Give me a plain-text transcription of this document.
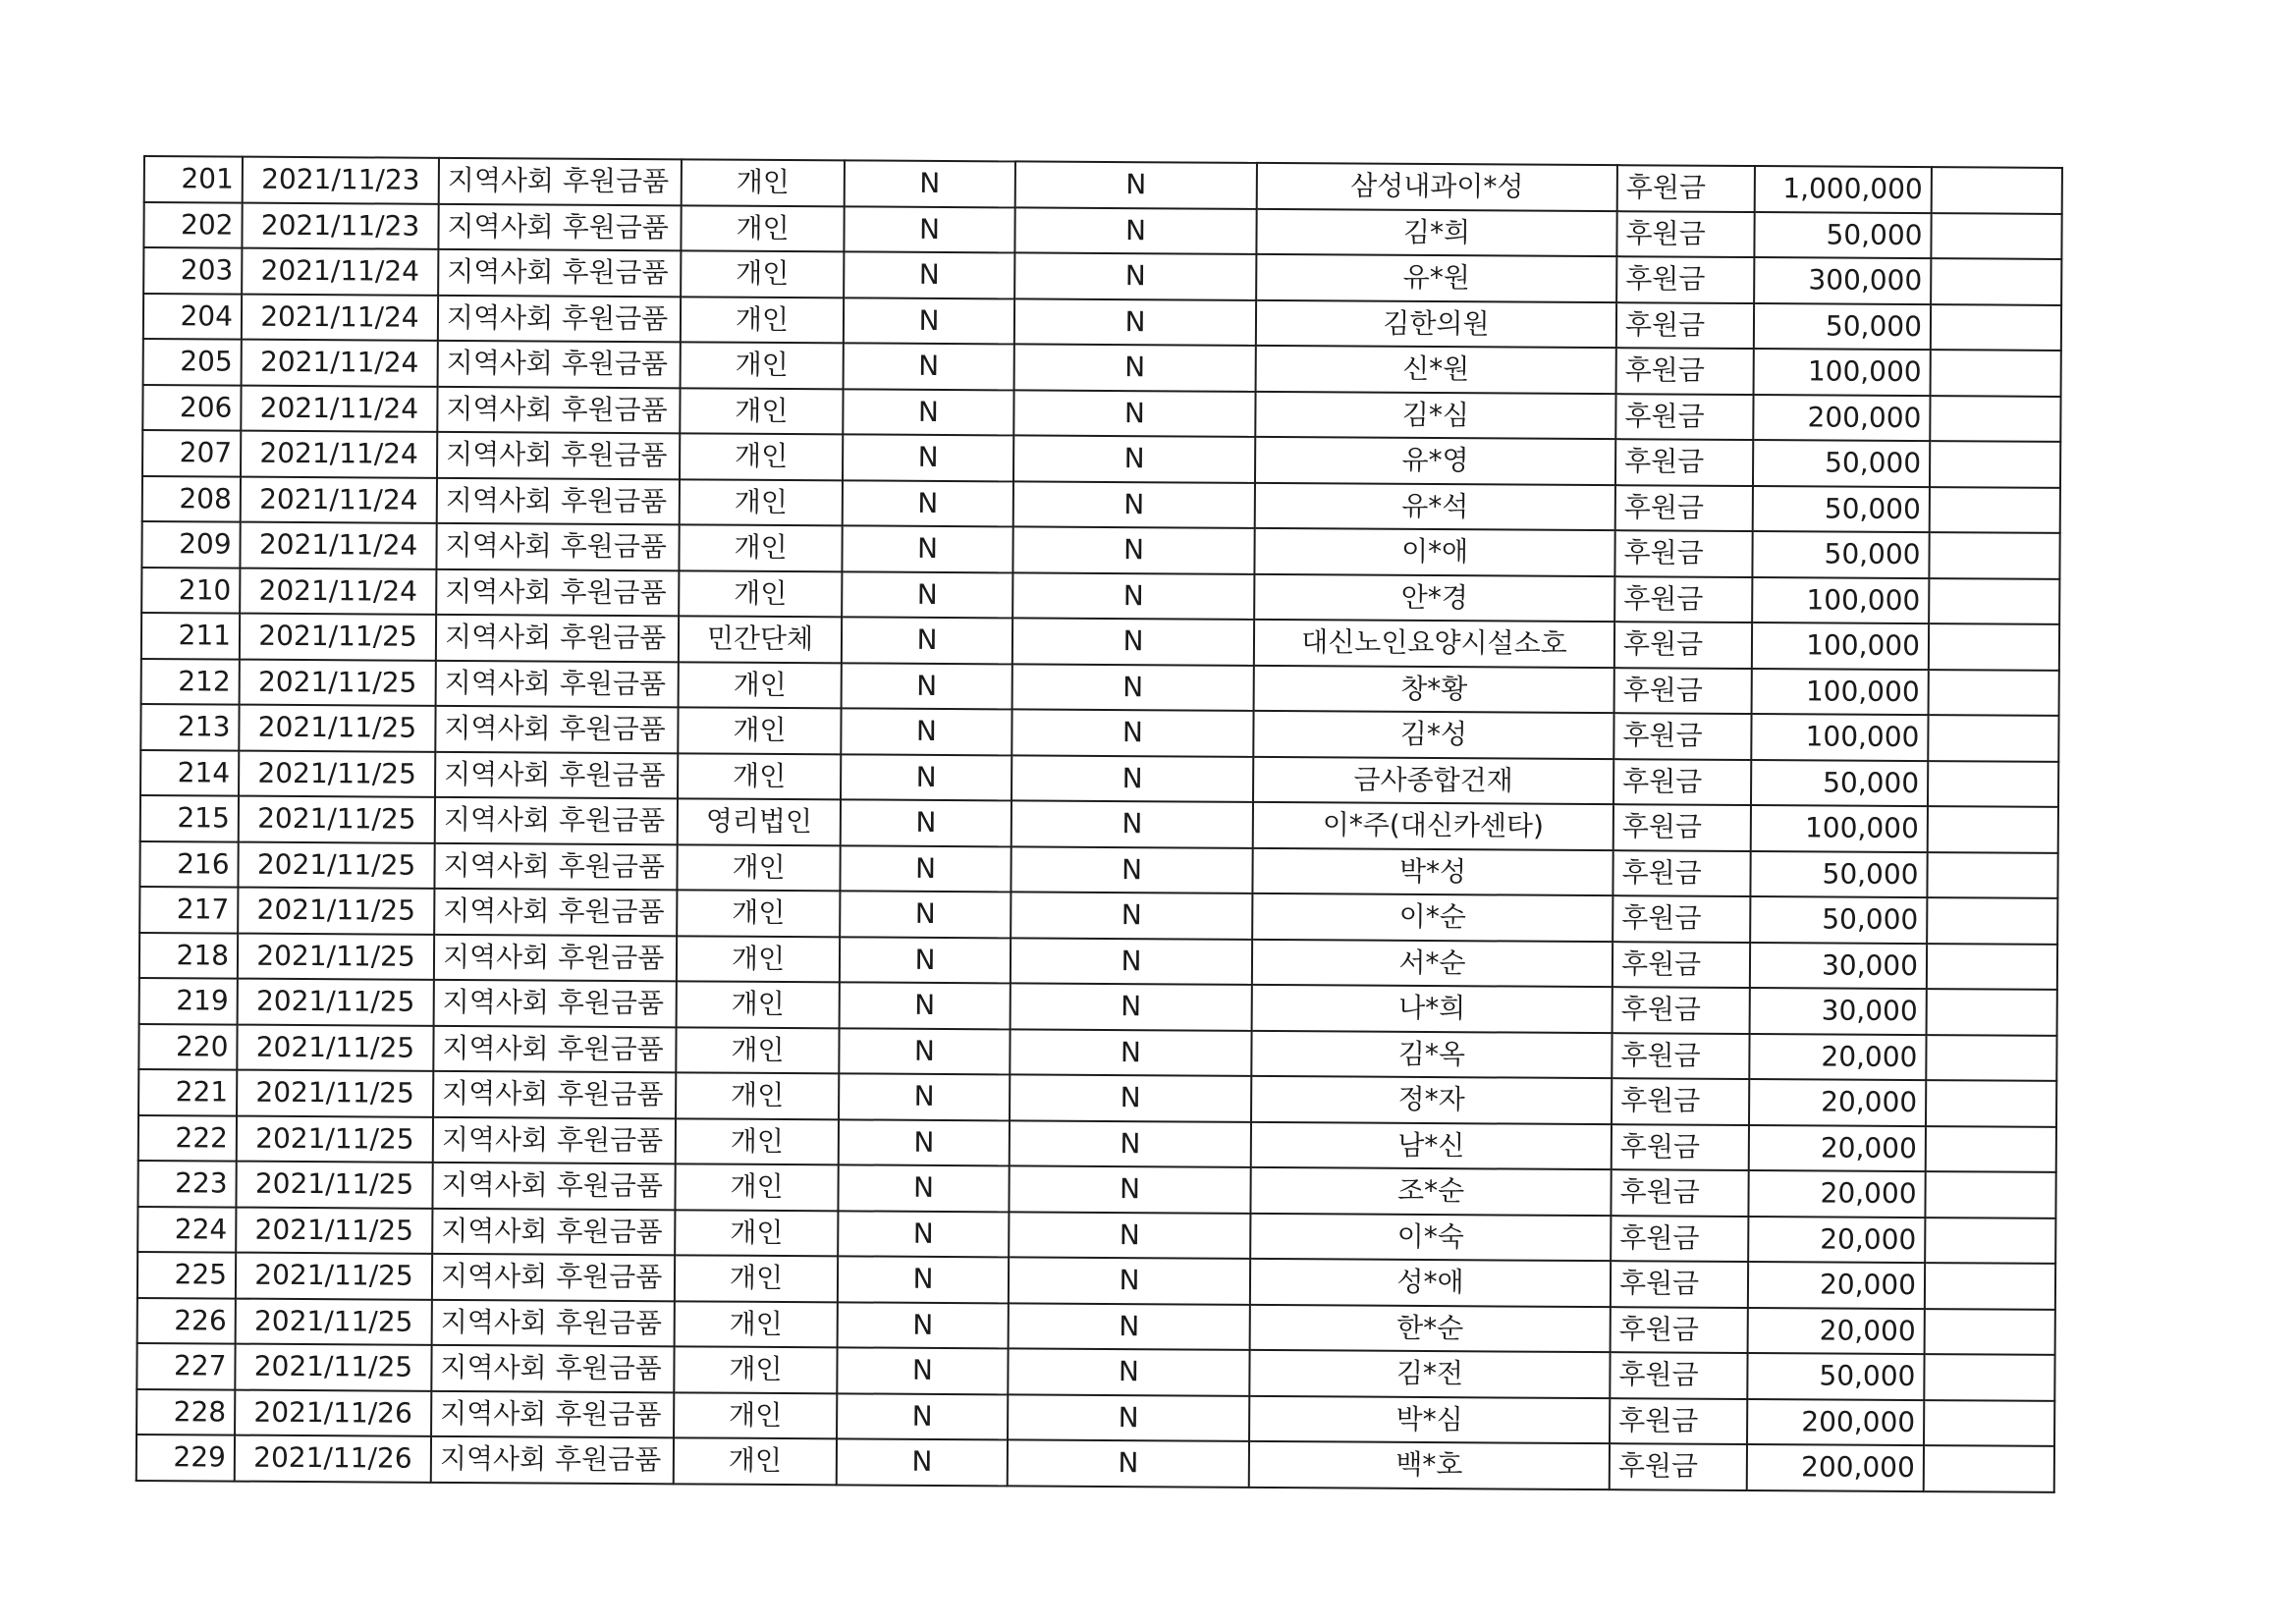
201	2021/11/23	지역사회 후원금품	개인	N	N	삼성내과이*성	후원금	1,000,000	
202	2021/11/23	지역사회 후원금품	개인	N	N	김*희	후원금	50,000	
203	2021/11/24	지역사회 후원금품	개인	N	N	유*원	후원금	300,000	
204	2021/11/24	지역사회 후원금품	개인	N	N	김한의원	후원금	50,000	
205	2021/11/24	지역사회 후원금품	개인	N	N	신*원	후원금	100,000	
206	2021/11/24	지역사회 후원금품	개인	N	N	김*심	후원금	200,000	
207	2021/11/24	지역사회 후원금품	개인	N	N	유*영	후원금	50,000	
208	2021/11/24	지역사회 후원금품	개인	N	N	유*석	후원금	50,000	
209	2021/11/24	지역사회 후원금품	개인	N	N	이*애	후원금	50,000	
210	2021/11/24	지역사회 후원금품	개인	N	N	안*경	후원금	100,000	
211	2021/11/25	지역사회 후원금품	민간단체	N	N	대신노인요양시설소호	후원금	100,000	
212	2021/11/25	지역사회 후원금품	개인	N	N	창*황	후원금	100,000	
213	2021/11/25	지역사회 후원금품	개인	N	N	김*성	후원금	100,000	
214	2021/11/25	지역사회 후원금품	개인	N	N	금사종합건재	후원금	50,000	
215	2021/11/25	지역사회 후원금품	영리법인	N	N	이*주(대신카센타)	후원금	100,000	
216	2021/11/25	지역사회 후원금품	개인	N	N	박*성	후원금	50,000	
217	2021/11/25	지역사회 후원금품	개인	N	N	이*순	후원금	50,000	
218	2021/11/25	지역사회 후원금품	개인	N	N	서*순	후원금	30,000	
219	2021/11/25	지역사회 후원금품	개인	N	N	나*희	후원금	30,000	
220	2021/11/25	지역사회 후원금품	개인	N	N	김*옥	후원금	20,000	
221	2021/11/25	지역사회 후원금품	개인	N	N	정*자	후원금	20,000	
222	2021/11/25	지역사회 후원금품	개인	N	N	남*신	후원금	20,000	
223	2021/11/25	지역사회 후원금품	개인	N	N	조*순	후원금	20,000	
224	2021/11/25	지역사회 후원금품	개인	N	N	이*숙	후원금	20,000	
225	2021/11/25	지역사회 후원금품	개인	N	N	성*애	후원금	20,000	
226	2021/11/25	지역사회 후원금품	개인	N	N	한*순	후원금	20,000	
227	2021/11/25	지역사회 후원금품	개인	N	N	김*전	후원금	50,000	
228	2021/11/26	지역사회 후원금품	개인	N	N	박*심	후원금	200,000	
229	2021/11/26	지역사회 후원금품	개인	N	N	백*호	후원금	200,000	
